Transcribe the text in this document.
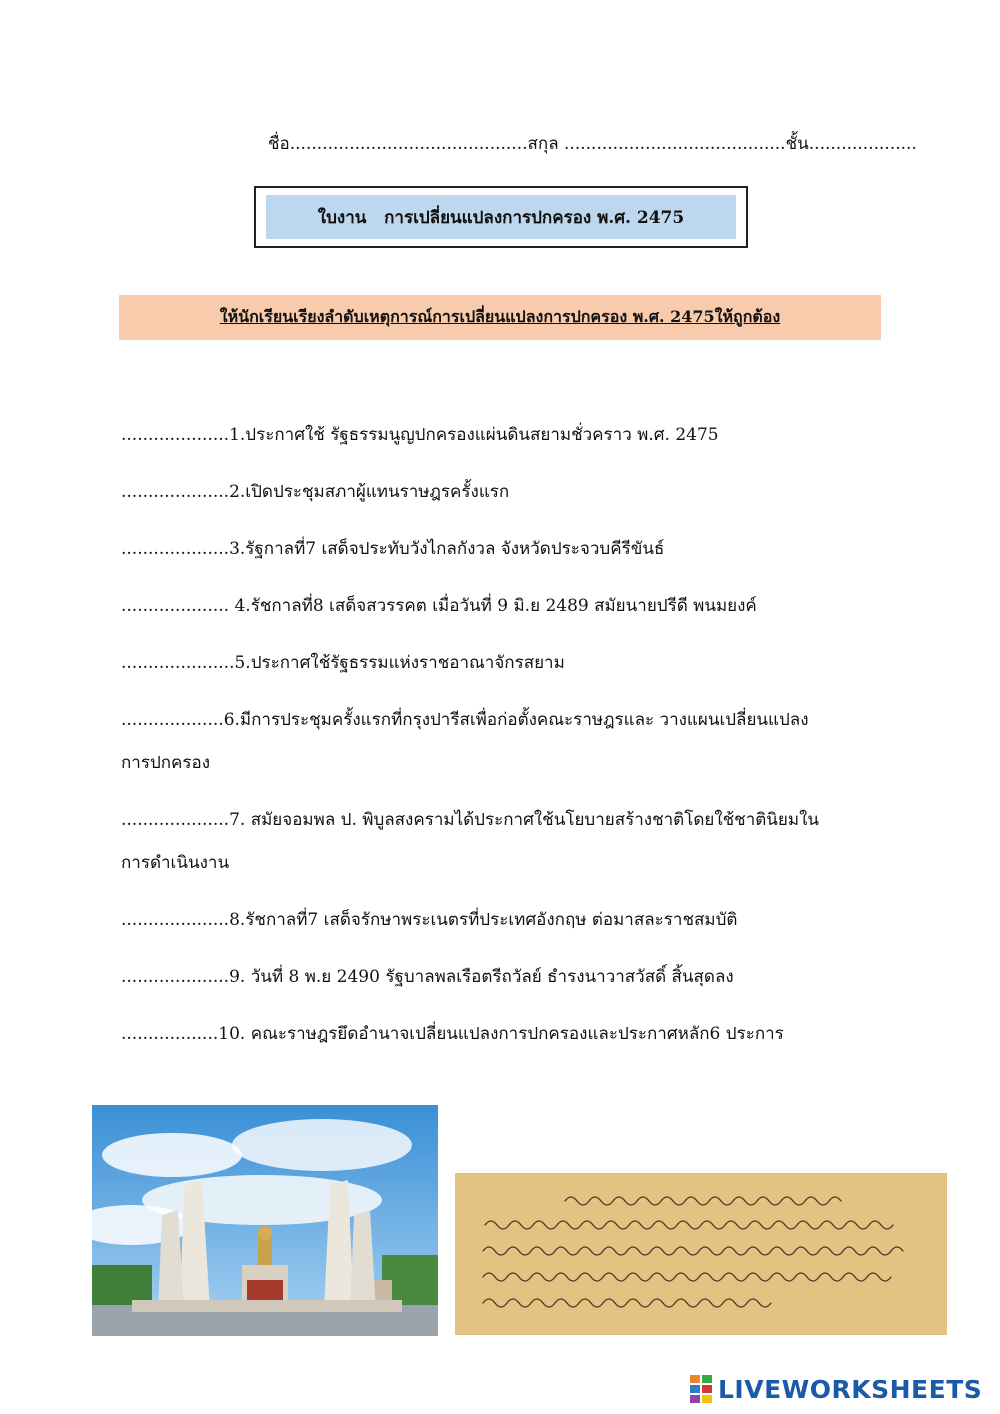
ชื่อ............................................สกุล .........................................ชั้น....................
ใบงาน   การเปลี่ยนแปลงการปกครอง พ.ศ. 2475
ให้นักเรียนเรียงลำดับเหตุการณ์การเปลี่ยนแปลงการปกครอง พ.ศ. 2475ให้ถูกต้อง
....................1.ประกาศใช้ รัฐธรรมนูญปกครองแผ่นดินสยามชั่วคราว พ.ศ. 2475
....................2.เปิดประชุมสภาผู้แทนราษฎรครั้งแรก
....................3.รัฐกาลที่7 เสด็จประทับวังไกลกังวล จังหวัดประจวบคีรีขันธ์
.................... 4.รัชกาลที่8 เสด็จสวรรคต เมื่อวันที่ 9 มิ.ย 2489 สมัยนายปรีดี พนมยงค์
.....................5.ประกาศใช้รัฐธรรมแห่งราชอาณาจักรสยาม
...................6.มีการประชุมครั้งแรกที่กรุงปารีสเพื่อก่อตั้งคณะราษฎรและ วางแผนเปลี่ยนแปลง
การปกครอง
....................7. สมัยจอมพล ป. พิบูลสงครามได้ประกาศใช้นโยบายสร้างชาติโดยใช้ชาตินิยมใน
การดำเนินงาน
....................8.รัชกาลที่7 เสด็จรักษาพระเนตรที่ประเทศอังกฤษ ต่อมาสละราชสมบัติ
....................9. วันที่ 8 พ.ย 2490 รัฐบาลพลเรือตรีถวัลย์ ธำรงนาวาสวัสดิ์ สิ้นสุดลง
..................10. คณะราษฎรยึดอำนาจเปลี่ยนแปลงการปกครองและประกาศหลัก6 ประการ
LIVEWORKSHEETS
